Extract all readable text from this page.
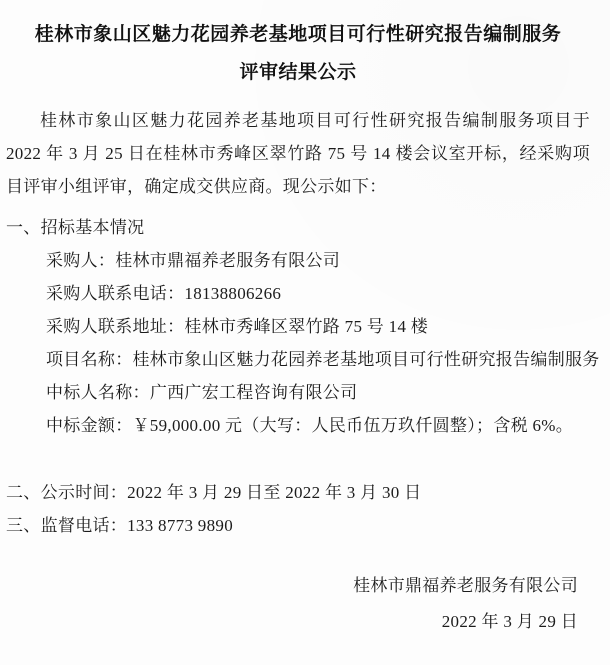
桂林市象山区魅力花园养老基地项目可行性研究报告编制服务
评审结果公示

桂林市象山区魅力花园养老基地项目可行性研究报告编制服务项目于 2022 年 3 月 25 日在桂林市秀峰区翠竹路 75 号 14 楼会议室开标，经采购项目评审小组评审，确定成交供应商。现公示如下：

一、招标基本情况
采购人：桂林市鼎福养老服务有限公司
采购人联系电话：18138806266
采购人联系地址：桂林市秀峰区翠竹路 75 号 14 楼
项目名称：桂林市象山区魅力花园养老基地项目可行性研究报告编制服务
中标人名称：广西广宏工程咨询有限公司
中标金额：￥59,000.00 元（大写：人民币伍万玖仟圆整）；含税 6%。
二、公示时间：2022 年 3 月 29 日至 2022 年 3 月 30 日
三、监督电话：133 8773 9890
桂林市鼎福养老服务有限公司
2022 年 3 月 29 日
